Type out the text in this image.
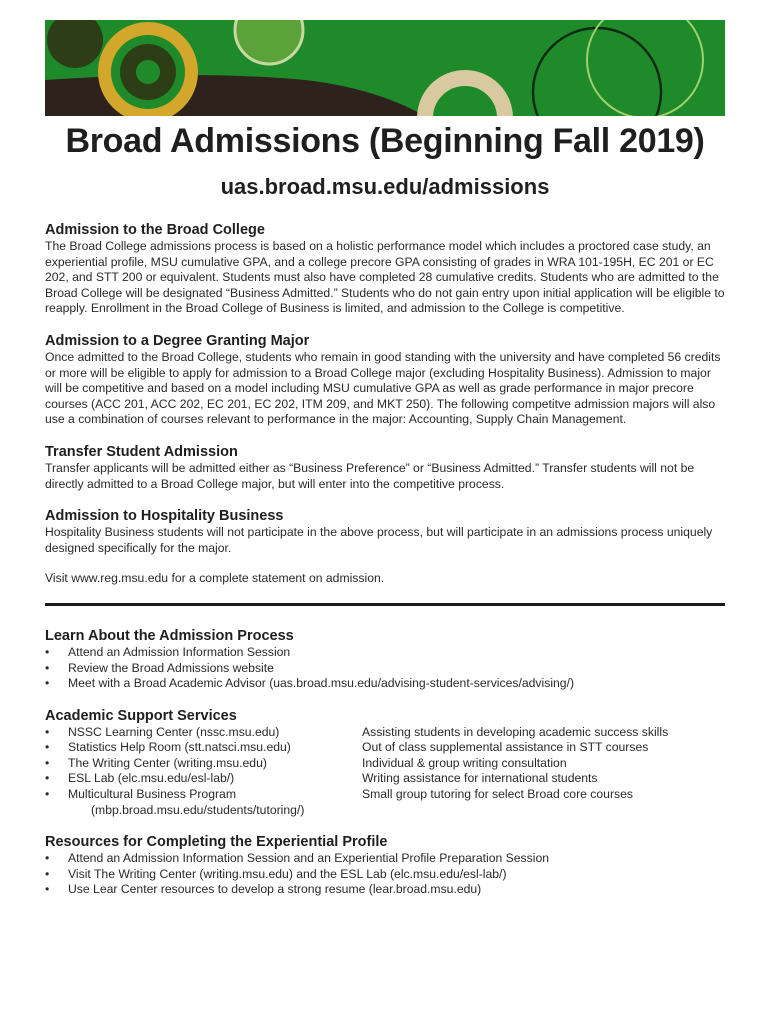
Broad Admissions (Beginning Fall 2019)
uas.broad.msu.edu/admissions
Admission to the Broad College

The Broad College admissions process is based on a holistic performance model which includes a proctored case study, an experiential profile, MSU cumulative GPA, and a college precore GPA consisting of grades in WRA 101-195H, EC 201 or EC 202, and STT 200 or equivalent. Students must also have completed 28 cumulative credits. Students who are admitted to the Broad College will be designated “Business Admitted.” Students who do not gain entry upon initial application will be eligible to reapply. Enrollment in the Broad College of Business is limited, and admission to the College is competitive.

Admission to a Degree Granting Major

Once admitted to the Broad College, students who remain in good standing with the university and have completed 56 credits or more will be eligible to apply for admission to a Broad College major (excluding Hospitality Business). Admission to major will be competitive and based on a model including MSU cumulative GPA as well as grade performance in major precore courses (ACC 201, ACC 202, EC 201, EC 202, ITM 209, and MKT 250). The following competitve admission majors will also use a combination of courses relevant to performance in the major: Accounting, Supply Chain Management.

Transfer Student Admission

Transfer applicants will be admitted either as “Business Preference” or “Business Admitted.” Transfer students will not be directly admitted to a Broad College major, but will enter into the competitive process.

Admission to Hospitality Business

Hospitality Business students will not participate in the above process, but will participate in an admissions process uniquely designed specifically for the major.

Visit www.reg.msu.edu for a complete statement on admission.

Learn About the Admission Process
• Attend an Admission Information Session
• Review the Broad Admissions website
• Meet with a Broad Academic Advisor (uas.broad.msu.edu/advising-student-services/advising/)
Academic Support Services
• NSSC Learning Center (nssc.msu.edu)
• Statistics Help Room (stt.natsci.msu.edu)
• The Writing Center (writing.msu.edu)
• ESL Lab (elc.msu.edu/esl-lab/)
• Multicultural Business Program
Assisting students in developing academic success skills
Out of class supplemental assistance in STT courses
Individual & group writing consultation
Writing assistance for international students
Small group tutoring for select Broad core courses
(mbp.broad.msu.edu/students/tutoring/)
Resources for Completing the Experiential Profile
• Attend an Admission Information Session and an Experiential Profile Preparation Session
• Visit The Writing Center (writing.msu.edu) and the ESL Lab (elc.msu.edu/esl-lab/)
• Use Lear Center resources to develop a strong resume (lear.broad.msu.edu)
